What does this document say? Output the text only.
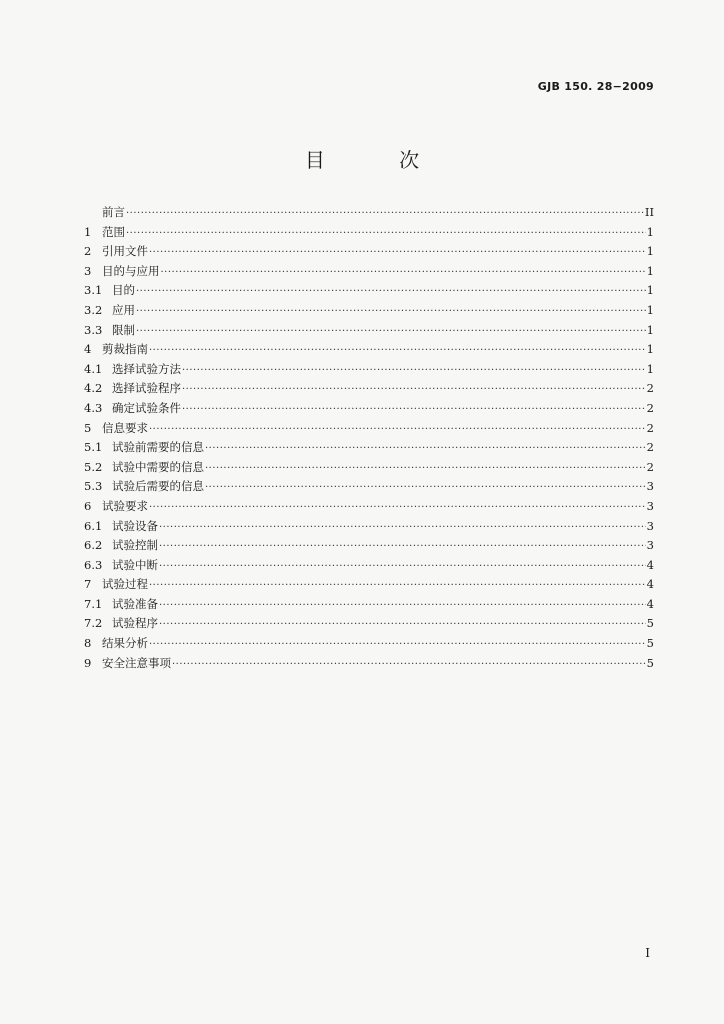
GJB 150. 28−2009
目 次
前言 ·····	II
1 范围 ·····	1
2 引用文件 ·····	1
3 目的与应用 ·····	1
3.1 目的 ·····	1
3.2 应用 ·····	1
3.3 限制 ·····	1
4 剪裁指南 ·····	1
4.1 选择试验方法 ·····	1
4.2 选择试验程序 ·····	2
4.3 确定试验条件 ·····	2
5 信息要求 ·····	2
5.1 试验前需要的信息 ·····	2
5.2 试验中需要的信息 ·····	2
5.3 试验后需要的信息 ·····	3
6 试验要求 ·····	3
6.1 试验设备 ·····	3
6.2 试验控制 ·····	3
6.3 试验中断 ·····	4
7 试验过程 ·····	4
7.1 试验准备 ·····	4
7.2 试验程序 ·····	5
8 结果分析 ·····	5
9 安全注意事项 ·····	5
I
